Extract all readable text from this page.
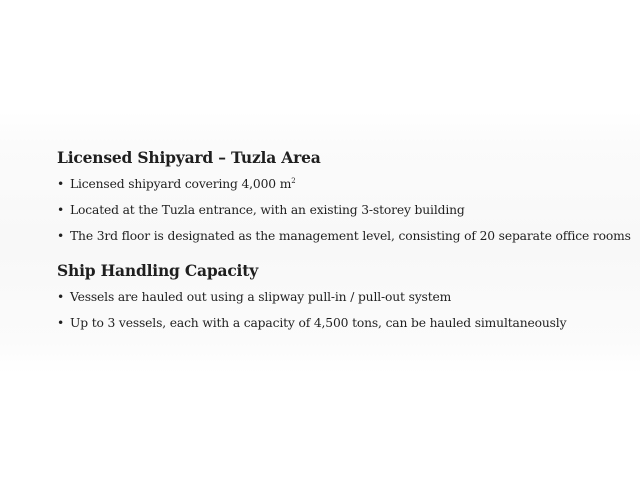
Licensed Shipyard – Tuzla Area
• Licensed shipyard covering 4,000 $m^2$
• Located at the Tuzla entrance, with an existing 3-storey building
• The 3rd floor is designated as the management level, consisting of 20 separate office rooms
Ship Handling Capacity
• Vessels are hauled out using a slipway pull-in / pull-out system
• Up to 3 vessels, each with a capacity of 4,500 tons, can be hauled simultaneously
